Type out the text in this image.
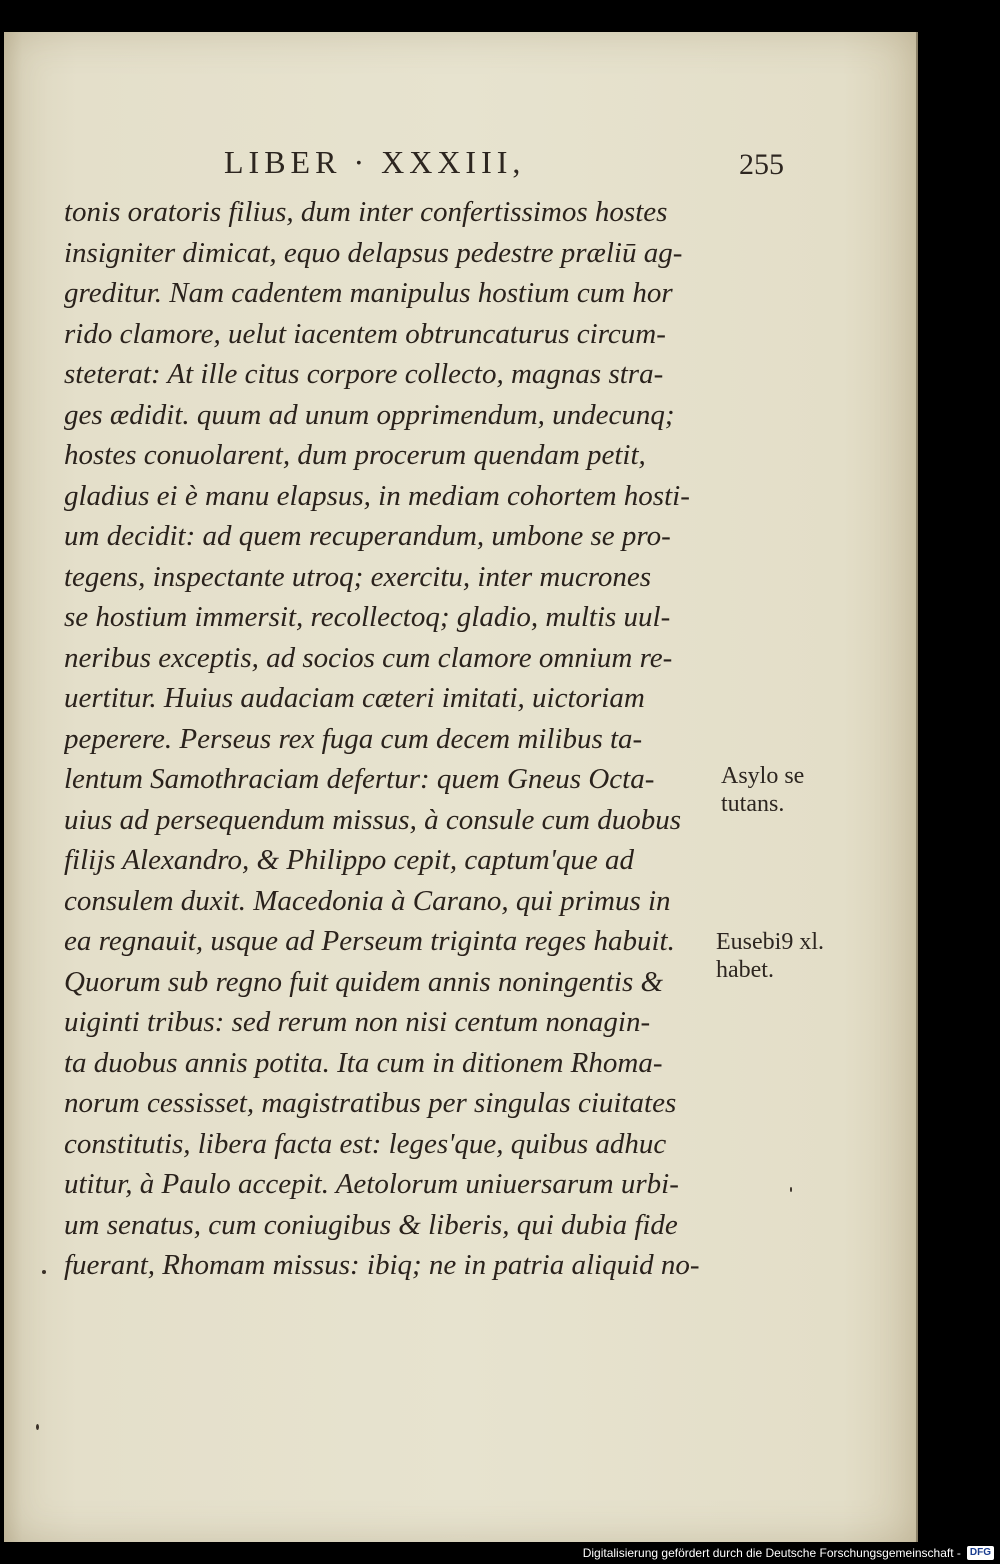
LIBER · XXXIII,	255
tonis oratoris filius, dum inter confertissimos hostes
insigniter dimicat, equo delapsus pedestre præliū ag-
greditur. Nam cadentem manipulus hostium cum hor
rido clamore, uelut iacentem obtruncaturus circum-
steterat: At ille citus corpore collecto, magnas stra-
ges ædidit. quum ad unum opprimendum, undecunq;
hostes conuolarent, dum procerum quendam petit,
gladius ei è manu elapsus, in mediam cohortem hosti-
um decidit: ad quem recuperandum, umbone se pro-
tegens, inspectante utroq; exercitu, inter mucrones
se hostium immersit, recollectoq; gladio, multis uul-
neribus exceptis, ad socios cum clamore omnium re-
uertitur. Huius audaciam cæteri imitati, uictoriam
peperere. Perseus rex fuga cum decem milibus ta-
lentum Samothraciam defertur: quem Gneus Octa-
uius ad persequendum missus, à consule cum duobus
filijs Alexandro, & Philippo cepit, captum'que ad
consulem duxit. Macedonia à Carano, qui primus in
ea regnauit, usque ad Perseum triginta reges habuit.
Quorum sub regno fuit quidem annis noningentis &
uiginti tribus: sed rerum non nisi centum nonagin-
ta duobus annis potita. Ita cum in ditionem Rhoma-
norum cessisset, magistratibus per singulas ciuitates
constitutis, libera facta est: leges'que, quibus adhuc
utitur, à Paulo accepit. Aetolorum uniuersarum urbi-
um senatus, cum coniugibus & liberis, qui dubia fide
fuerant, Rhomam missus: ibiq; ne in patria aliquid no-
Asylo se
tutans.
Eusebi9 xl.
habet.
Digitalisierung gefördert durch die Deutsche Forschungsgemeinschaft - DFG
